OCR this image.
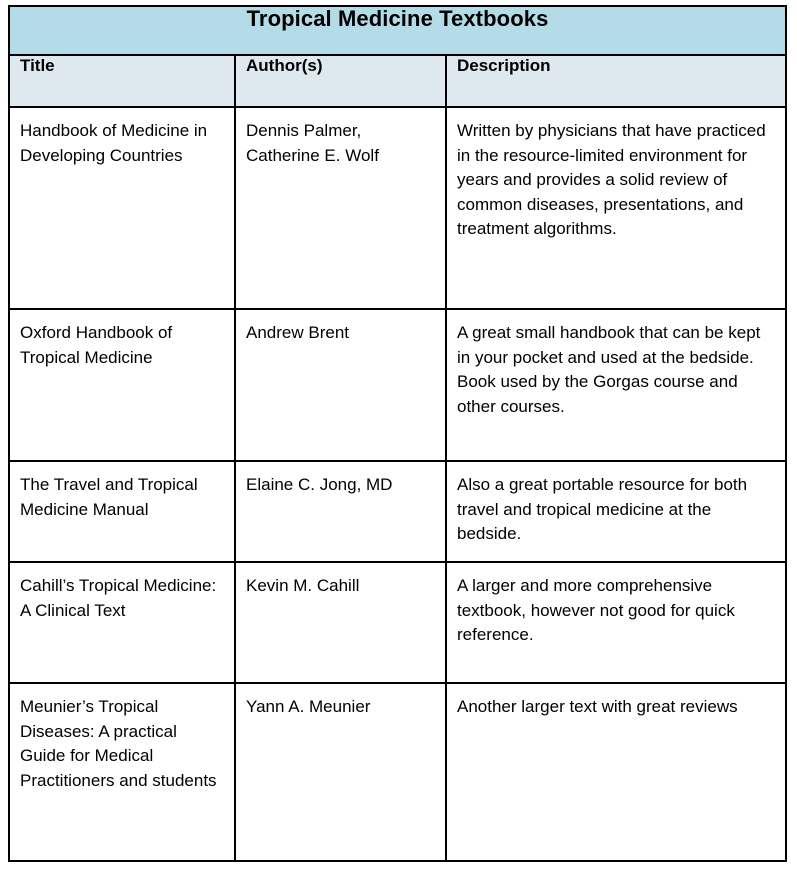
Tropical Medicine Textbooks		

Title	Author(s)	Description

Handbook of Medicine in Developing Countries	Dennis Palmer, Catherine E. Wolf	Written by physicians that have practiced in the resource-limited environment for years and provides a solid review of common diseases, presentations, and treatment algorithms.

Oxford Handbook of Tropical Medicine	Andrew Brent	A great small handbook that can be kept in your pocket and used at the bedside. Book used by the Gorgas course and other courses.

The Travel and Tropical Medicine Manual	Elaine C. Jong, MD	Also a great portable resource for both travel and tropical medicine at the bedside.

Cahill’s Tropical Medicine: A Clinical Text	Kevin M. Cahill	A larger and more comprehensive textbook, however not good for quick reference.

Meunier’s Tropical Diseases: A practical Guide for Medical Practitioners and students	Yann A. Meunier	Another larger text with great reviews
